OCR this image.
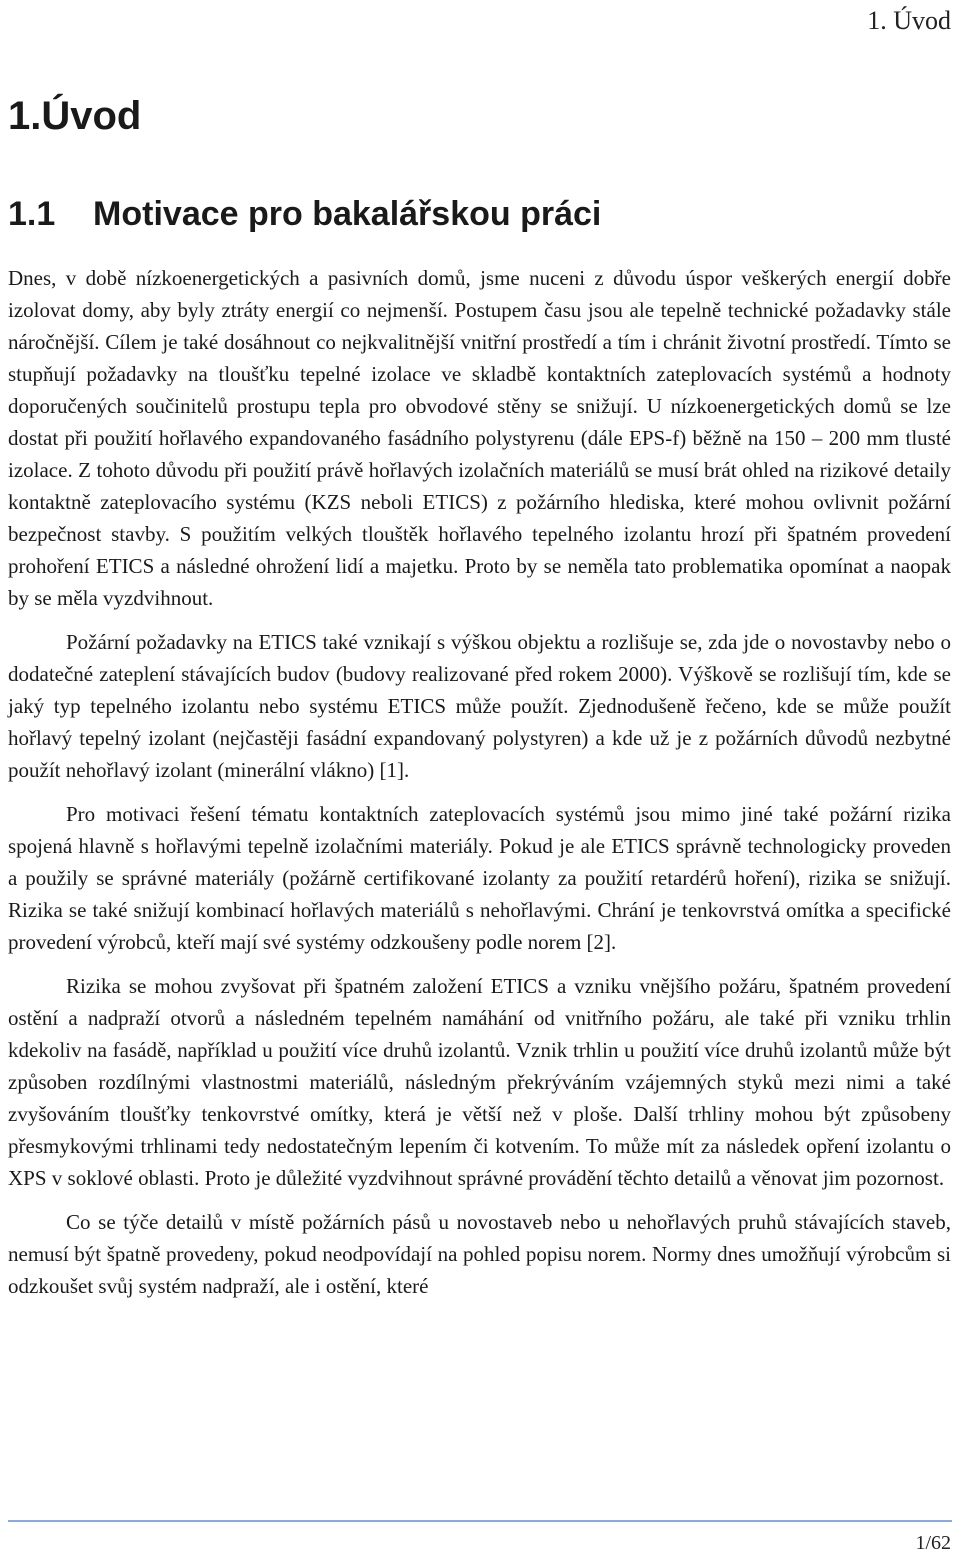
1. Úvod
1.Úvod
1.1    Motivace pro bakalářskou práci

Dnes, v době nízkoenergetických a pasivních domů, jsme nuceni z důvodu úspor veškerých energií dobře izolovat domy, aby byly ztráty energií co nejmenší. Postupem času jsou ale tepelně technické požadavky stále náročnější. Cílem je také dosáhnout co nejkvalitnější vnitřní prostředí a tím i chránit životní prostředí. Tímto se stupňují požadavky na tloušťku tepelné izolace ve skladbě kontaktních zateplovacích systémů a hodnoty doporučených součinitelů prostupu tepla pro obvodové stěny se snižují. U nízkoenergetických domů se lze dostat při použití hořlavého expandovaného fasádního polystyrenu (dále EPS-f) běžně na 150 – 200 mm tlusté izolace. Z tohoto důvodu při použití právě hořlavých izolačních materiálů se musí brát ohled na rizikové detaily kontaktně zateplovacího systému (KZS neboli ETICS) z požárního hlediska, které mohou ovlivnit požární bezpečnost stavby. S použitím velkých tlouštěk hořlavého tepelného izolantu hrozí při špatném provedení prohoření ETICS a následné ohrožení lidí a majetku. Proto by se neměla tato problematika opomínat a naopak by se měla vyzdvihnout.

Požární požadavky na ETICS také vznikají s výškou objektu a rozlišuje se, zda jde o novostavby nebo o dodatečné zateplení stávajících budov (budovy realizované před rokem 2000). Výškově se rozlišují tím, kde se jaký typ tepelného izolantu nebo systému ETICS může použít. Zjednodušeně řečeno, kde se může použít hořlavý tepelný izolant (nejčastěji fasádní expandovaný polystyren) a kde už je z požárních důvodů nezbytné použít nehořlavý izolant (minerální vlákno) [1].

Pro motivaci řešení tématu kontaktních zateplovacích systémů jsou mimo jiné také požární rizika spojená hlavně s hořlavými tepelně izolačními materiály. Pokud je ale ETICS správně technologicky proveden a použily se správné materiály (požárně certifikované izolanty za použití retardérů hoření), rizika se snižují. Rizika se také snižují kombinací hořlavých materiálů s nehořlavými. Chrání je tenkovrstvá omítka a specifické provedení výrobců, kteří mají své systémy odzkoušeny podle norem [2].

Rizika se mohou zvyšovat při špatném založení ETICS a vzniku vnějšího požáru, špatném provedení ostění a nadpraží otvorů a následném tepelném namáhání od vnitřního požáru, ale také při vzniku trhlin kdekoliv na fasádě, například u použití více druhů izolantů. Vznik trhlin u použití více druhů izolantů může být způsoben rozdílnými vlastnostmi materiálů, následným překrýváním vzájemných styků mezi nimi a také zvyšováním tloušťky tenkovrstvé omítky, která je větší než v ploše. Další trhliny mohou být způsobeny přesmykovými trhlinami tedy nedostatečným lepením či kotvením. To může mít za následek opření izolantu o XPS v soklové oblasti. Proto je důležité vyzdvihnout správné provádění těchto detailů a věnovat jim pozornost.

Co se týče detailů v místě požárních pásů u novostaveb nebo u nehořlavých pruhů stávajících staveb, nemusí být špatně provedeny, pokud neodpovídají na pohled popisu norem. Normy dnes umožňují výrobcům si odzkoušet svůj systém nadpraží, ale i ostění, které

1/62
